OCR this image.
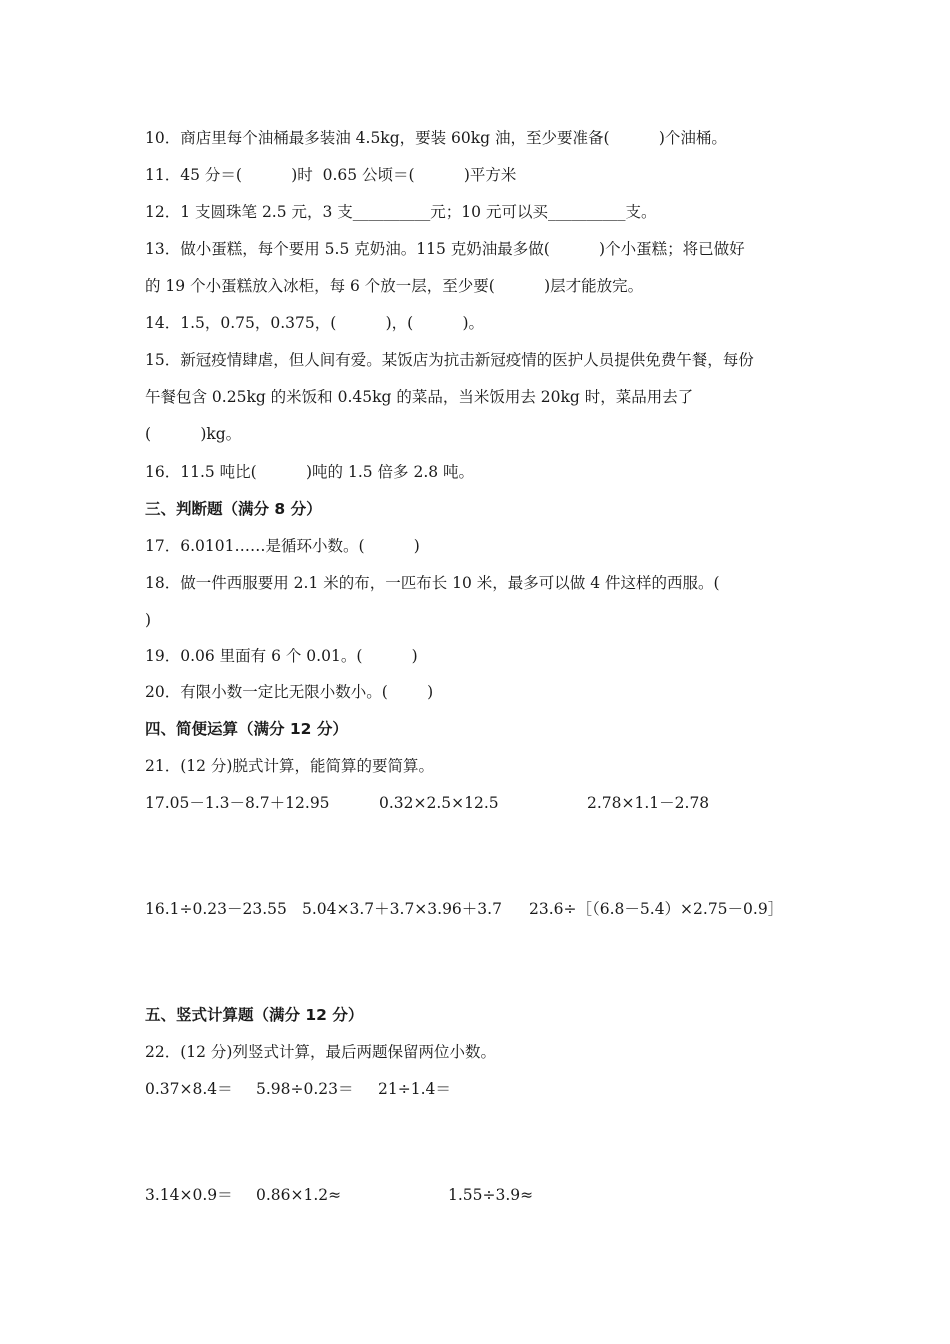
10．商店里每个油桶最多装油 4.5kg，要装 60kg 油，至少要准备(          )个油桶。
11．45 分＝(          )时  0.65 公顷＝(          )平方米
12．1 支圆珠笔 2.5 元，3 支__________元；10 元可以买__________支。
13．做小蛋糕，每个要用 5.5 克奶油。115 克奶油最多做(          )个小蛋糕；将已做好
的 19 个小蛋糕放入冰柜，每 6 个放一层，至少要(          )层才能放完。
14．1.5，0.75，0.375，(          )，(          )。
15．新冠疫情肆虐，但人间有爱。某饭店为抗击新冠疫情的医护人员提供免费午餐，每份
午餐包含 0.25kg 的米饭和 0.45kg 的菜品，当米饭用去 20kg 时，菜品用去了
(          )kg。
16．11.5 吨比(          )吨的 1.5 倍多 2.8 吨。
三、判断题（满分 8 分）
17．6.0101……是循环小数。(          )
18．做一件西服要用 2.1 米的布，一匹布长 10 米，最多可以做 4 件这样的西服。(
)
19．0.06 里面有 6 个 0.01。(          )
20．有限小数一定比无限小数小。(        )
四、简便运算（满分 12 分）
21．(12 分)脱式计算，能简算的要简算。
17.05－1.3－8.7＋12.95	0.32×2.5×12.5	2.78×1.1－2.78
16.1÷0.23－23.55 5.04×3.7＋3.7×3.96＋3.7 23.6÷［（6.8－5.4）×2.75－0.9］
五、竖式计算题（满分 12 分）
22．(12 分)列竖式计算，最后两题保留两位小数。
0.37×8.4＝ 5.98÷0.23＝ 21÷1.4＝
3.14×0.9＝ 0.86×1.2≈	1.55÷3.9≈
